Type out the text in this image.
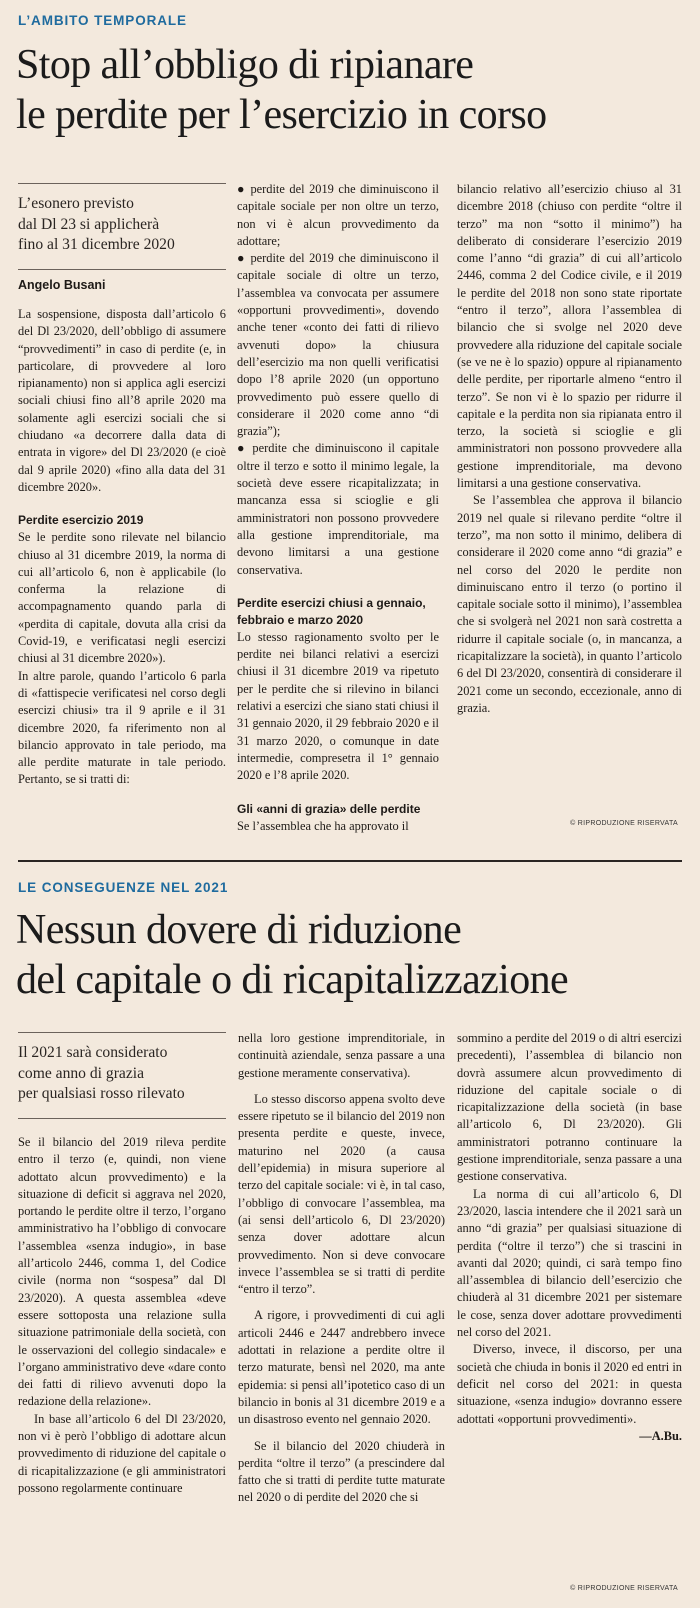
L’AMBITO TEMPORALE
Stop all’obbligo di ripianare
le perdite per l’esercizio in corso
L’esonero previsto
dal Dl 23 si applicherà
fino al 31 dicembre 2020
Angelo Busani

La sospensione, disposta dall’articolo 6 del Dl 23/2020, dell’obbligo di assumere “provvedimenti” in caso di perdite (e, in particolare, di provvedere al loro ripianamento) non si applica agli esercizi sociali chiusi fino all’8 aprile 2020 ma solamente agli esercizi sociali che si chiudano «a decorrere dalla data di entrata in vigore» del Dl 23/2020 (e cioè dal 9 aprile 2020) «fino alla data del 31 dicembre 2020».

Perdite esercizio 2019

Se le perdite sono rilevate nel bilancio chiuso al 31 dicembre 2019, la norma di cui all’articolo 6, non è applicabile (lo conferma la relazione di accompagnamento quando parla di «perdita di capitale, dovuta alla crisi da Covid-19, e verificatasi negli esercizi chiusi al 31 dicembre 2020»).

In altre parole, quando l’articolo 6 parla di «fattispecie verificatesi nel corso degli esercizi chiusi» tra il 9 aprile e il 31 dicembre 2020, fa riferimento non al bilancio approvato in tale periodo, ma alle perdite maturate in tale periodo. Pertanto, se si tratti di:

● perdite del 2019 che diminuiscono il capitale sociale per non oltre un terzo, non vi è alcun provvedimento da adottare;

● perdite del 2019 che diminuiscono il capitale sociale di oltre un terzo, l’assemblea va convocata per assumere «opportuni provvedimenti», dovendo anche tener «conto dei fatti di rilievo avvenuti dopo» la chiusura dell’esercizio ma non quelli verificatisi dopo l’8 aprile 2020 (un opportuno provvedimento può essere quello di considerare il 2020 come anno “di grazia”);

● perdite che diminuiscono il capitale oltre il terzo e sotto il minimo legale, la società deve essere ricapitalizzata; in mancanza essa si scioglie e gli amministratori non possono provvedere alla gestione imprenditoriale, ma devono limitarsi a una gestione conservativa.

Perdite esercizi chiusi a gennaio, febbraio e marzo 2020

Lo stesso ragionamento svolto per le perdite nei bilanci relativi a esercizi chiusi il 31 dicembre 2019 va ripetuto per le perdite che si rilevino in bilanci relativi a esercizi che siano stati chiusi il 31 gennaio 2020, il 29 febbraio 2020 e il 31 marzo 2020, o comunque in date intermedie, compresetra il 1° gennaio 2020 e l’8 aprile 2020.

Gli «anni di grazia» delle perdite

Se l’assemblea che ha approvato il

bilancio relativo all’esercizio chiuso al 31 dicembre 2018 (chiuso con perdite “oltre il terzo” ma non “sotto il minimo”) ha deliberato di considerare l’esercizio 2019 come l’anno “di grazia” di cui all’articolo 2446, comma 2 del Codice civile, e il 2019 le perdite del 2018 non sono state riportate “entro il terzo”, allora l’assemblea di bilancio che si svolge nel 2020 deve provvedere alla riduzione del capitale sociale (se ve ne è lo spazio) oppure al ripianamento delle perdite, per riportarle almeno “entro il terzo”. Se non vi è lo spazio per ridurre il capitale e la perdita non sia ripianata entro il terzo, la società si scioglie e gli amministratori non possono provvedere alla gestione imprenditoriale, ma devono limitarsi a una gestione conservativa.

Se l’assemblea che approva il bilancio 2019 nel quale si rilevano perdite “oltre il terzo”, ma non sotto il minimo, delibera di considerare il 2020 come anno “di grazia” e nel corso del 2020 le perdite non diminuiscano entro il terzo (o portino il capitale sociale sotto il minimo), l’assemblea che si svolgerà nel 2021 non sarà costretta a ridurre il capitale sociale (o, in mancanza, a ricapitalizzare la società), in quanto l’articolo 6 del Dl 23/2020, consentirà di considerare il 2021 come un secondo, eccezionale, anno di grazia.

© RIPRODUZIONE RISERVATA
LE CONSEGUENZE NEL 2021
Nessun dovere di riduzione
del capitale o di ricapitalizzazione
Il 2021 sarà considerato
come anno di grazia
per qualsiasi rosso rilevato

Se il bilancio del 2019 rileva perdite entro il terzo (e, quindi, non viene adottato alcun provvedimento) e la situazione di deficit si aggrava nel 2020, portando le perdite oltre il terzo, l’organo amministrativo ha l’obbligo di convocare l’assemblea «senza indugio», in base all’articolo 2446, comma 1, del Codice civile (norma non “sospesa” dal Dl 23/2020). A questa assemblea «deve essere sottoposta una relazione sulla situazione patrimoniale della società, con le osservazioni del collegio sindacale» e l’organo amministrativo deve «dare conto dei fatti di rilievo avvenuti dopo la redazione della relazione».

In base all’articolo 6 del Dl 23/2020, non vi è però l’obbligo di adottare alcun provvedimento di riduzione del capitale o di ricapitalizzazione (e gli amministratori possono regolarmente continuare

nella loro gestione imprenditoriale, in continuità aziendale, senza passare a una gestione meramente conservativa).

Lo stesso discorso appena svolto deve essere ripetuto se il bilancio del 2019 non presenta perdite e queste, invece, maturino nel 2020 (a causa dell’epidemia) in misura superiore al terzo del capitale sociale: vi è, in tal caso, l’obbligo di convocare l’assemblea, ma (ai sensi dell’articolo 6, Dl 23/2020) senza dover adottare alcun provvedimento. Non si deve convocare invece l’assemblea se si tratti di perdite “entro il terzo”.

A rigore, i provvedimenti di cui agli articoli 2446 e 2447 andrebbero invece adottati in relazione a perdite oltre il terzo maturate, bensì nel 2020, ma ante epidemia: si pensi all’ipotetico caso di un bilancio in bonis al 31 dicembre 2019 e a un disastroso evento nel gennaio 2020.

Se il bilancio del 2020 chiuderà in perdita “oltre il terzo” (a prescindere dal fatto che si tratti di perdite tutte maturate nel 2020 o di perdite del 2020 che si

sommino a perdite del 2019 o di altri esercizi precedenti), l’assemblea di bilancio non dovrà assumere alcun provvedimento di riduzione del capitale sociale o di ricapitalizzazione della società (in base all’articolo 6, Dl 23/2020). Gli amministratori potranno continuare la gestione imprenditoriale, senza passare a una gestione conservativa.

La norma di cui all’articolo 6, Dl 23/2020, lascia intendere che il 2021 sarà un anno “di grazia” per qualsiasi situazione di perdita (“oltre il terzo”) che si trascini in avanti dal 2020; quindi, ci sarà tempo fino all’assemblea di bilancio dell’esercizio che chiuderà al 31 dicembre 2021 per sistemare le cose, senza dover adottare provvedimenti nel corso del 2021.

Diverso, invece, il discorso, per una società che chiuda in bonis il 2020 ed entri in deficit nel corso del 2021: in questa situazione, «senza indugio» dovranno essere adottati «opportuni provvedimenti».

—A.Bu.

© RIPRODUZIONE RISERVATA
